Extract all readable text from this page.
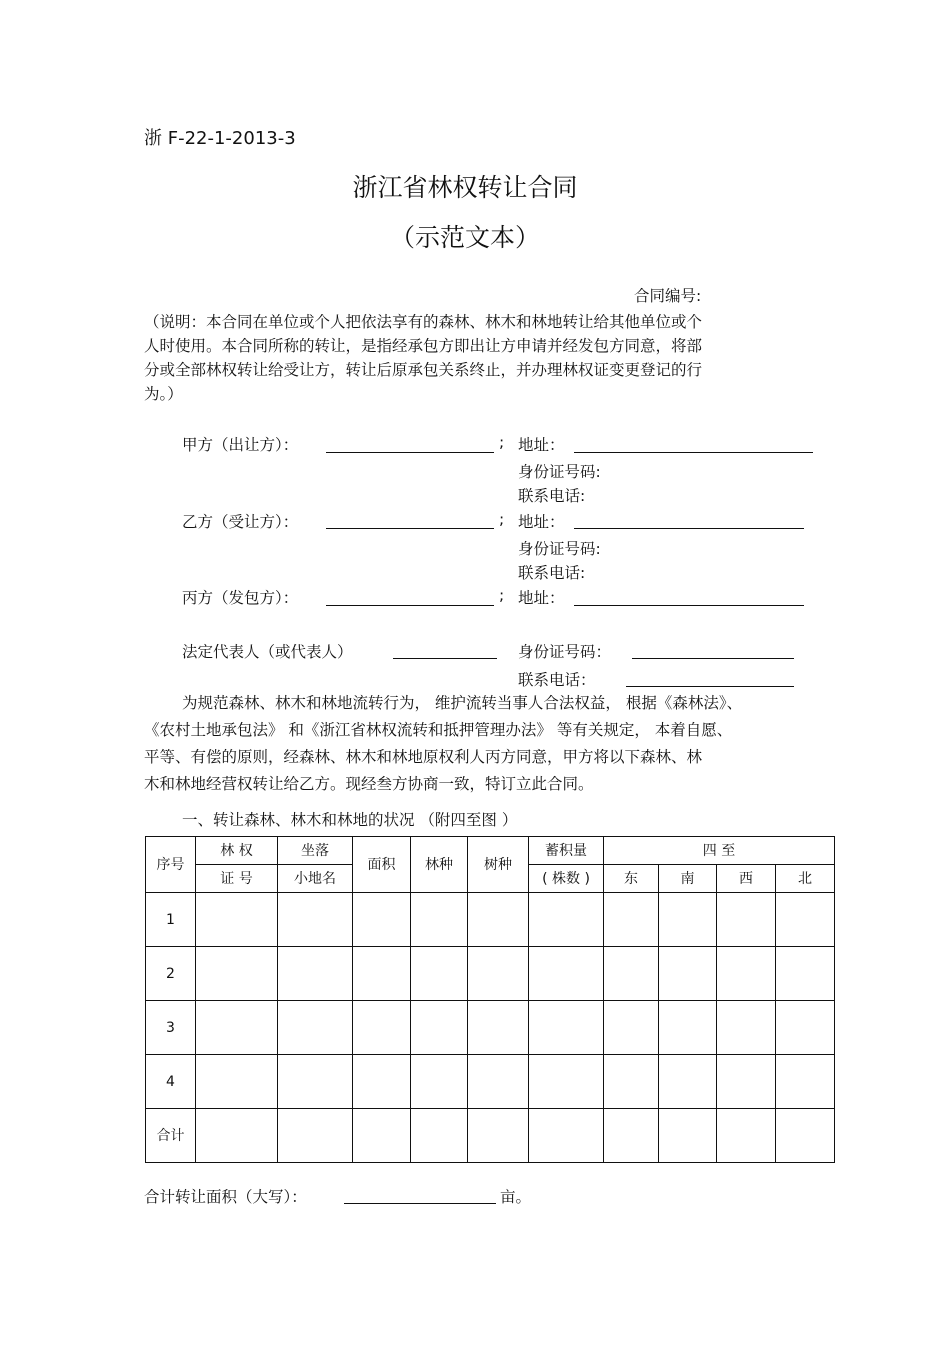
浙 F-22-1-2013-3
浙江省林权转让合同
（示范文本）
合同编号:
（说明：本合同在单位或个人把依法享有的森林、林木和林地转让给其他单位或个
人时使用。本合同所称的转让，是指经承包方即出让方申请并经发包方同意，将部
分或全部林权转让给受让方，转让后原承包关系终止，并办理林权证变更登记的行
为。）
甲方（出让方）：	; 地址：
身份证号码:
联系电话:
乙方（受让方）：	; 地址：
身份证号码:
联系电话:
丙方（发包方）：	; 地址：
法定代表人（或代表人）	身份证号码：
联系电话：
为规范森林、林木和林地流转行为， 维护流转当事人合法权益， 根据《森林法》、
《农村土地承包法》 和《浙江省林权流转和抵押管理办法》 等有关规定， 本着自愿、
平等、有偿的原则，经森林、林木和林地原权利人丙方同意，甲方将以下森林、林
木和林地经营权转让给乙方。现经叁方协商一致，特订立此合同。
一、转让森林、林木和林地的状况 （附四至图 ）
序号	林 权	坐落	面积	林种	树种	蓄积量	四 至			
	证 号	小地名				( 株数 )	东	南	西	北
1										
2										
3										
4										
合计										
合计转让面积（大写）：	亩。
